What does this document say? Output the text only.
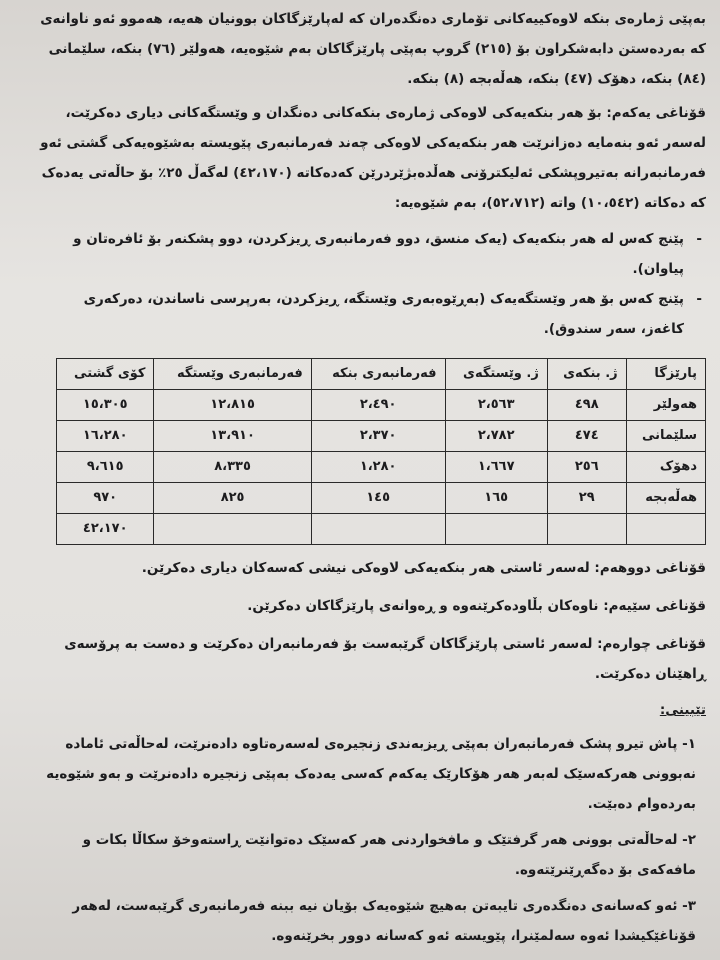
بەپێی ژمارەی بنکە لاوەکییەکانی تۆماری دەنگدەران کە لەپارێزگاکان بوونیان هەیە، هەموو ئەو ناوانەی کە بەردەستن دابەشکراون بۆ (٢١٥) گروپ بەپێی پارێزگاکان بەم شێوەیە، هەولێر (٧٦) بنکە، سلێمانی (٨٤) بنکە، دهۆک (٤٧) بنکە، هەڵەبجە (٨) بنکە.

قۆناغی یەکەم: بۆ هەر بنکەیەکی لاوەکی ژمارەی بنکەکانی دەنگدان و وێستگەکانی دیاری دەکرێت، لەسەر ئەو بنەمایە دەزانرێت هەر بنکەیەکی لاوەکی چەند فەرمانبەری پێویستە بەشێوەیەکی گشتی ئەو فەرمانبەرانە بەتیروپشکی ئەلیکترۆنی هەڵدەبژێردرێن کەدەکاتە (٤٢،١٧٠) لەگەڵ ٢٥٪ بۆ حاڵەتی یەدەک کە دەکاتە (١٠،٥٤٢) واتە (٥٢،٧١٢)، بەم شێوەیە:

- پێنج کەس لە هەر بنکەیەک (یەک منسق، دوو فەرمانبەری ڕیزکردن، دوو پشکنەر بۆ ئافرەتان و پیاوان).
- پێنج کەس بۆ هەر وێستگەیەک (بەڕێوەبەری وێستگە، ڕیزکردن، بەرپرسی ناساندن، دەرکەری کاغەز، سەر سندوق).
پارێزگا	ژ. بنکەی	ژ. وێستگەی	فەرمانبەری بنکە	فەرمانبەری وێستگە	کۆی گشتی
هەولێر	٤٩٨	٢،٥٦٣	٢،٤٩٠	١٢،٨١٥	١٥،٣٠٥
سلێمانی	٤٧٤	٢،٧٨٢	٢،٣٧٠	١٣،٩١٠	١٦،٢٨٠
دهۆک	٢٥٦	١،٦٦٧	١،٢٨٠	٨،٣٣٥	٩،٦١٥
هەڵەبجە	٢٩	١٦٥	١٤٥	٨٢٥	٩٧٠
					٤٢،١٧٠

قۆناغی دووهەم: لەسەر ئاستی هەر بنکەیەکی لاوەکی نیشی کەسەکان دیاری دەکرێن.

قۆناغی سێیەم: ناوەکان بڵاودەکرێنەوە و ڕەوانەی پارێزگاکان دەکرێن.

قۆناغی چوارەم: لەسەر ئاستی پارێزگاکان گرێبەست بۆ فەرمانبەران دەکرێت و دەست بە پرۆسەی ڕاهێنان دەکرێت.

تێبینی:

١- پاش تیرو پشک فەرمانبەران بەپێی ڕیزبەندی زنجیرەی لەسەرەتاوە دادەنرێت، لەحاڵەتی ئامادە نەبوونی هەرکەسێک لەبەر هەر هۆکارێک یەکەم کەسی یەدەک بەپێی زنجیرە دادەنرێت و بەو شێوەیە بەردەوام دەبێت.
٢- لەحاڵەتی بوونی هەر گرفتێک و مافخواردنی هەر کەسێک دەتوانێت ڕاستەوخۆ سکاڵا بکات و مافەکەی بۆ دەگەڕێنرێتەوە.
٣- ئەو کەسانەی دەنگدەری تایبەتن بەهیچ شێوەیەک بۆیان نیە ببنە فەرمانبەری گرێبەست، لەهەر قۆناغێکیشدا ئەوە سەلمێنرا، پێویستە ئەو کەسانە دوور بخرێنەوە.
